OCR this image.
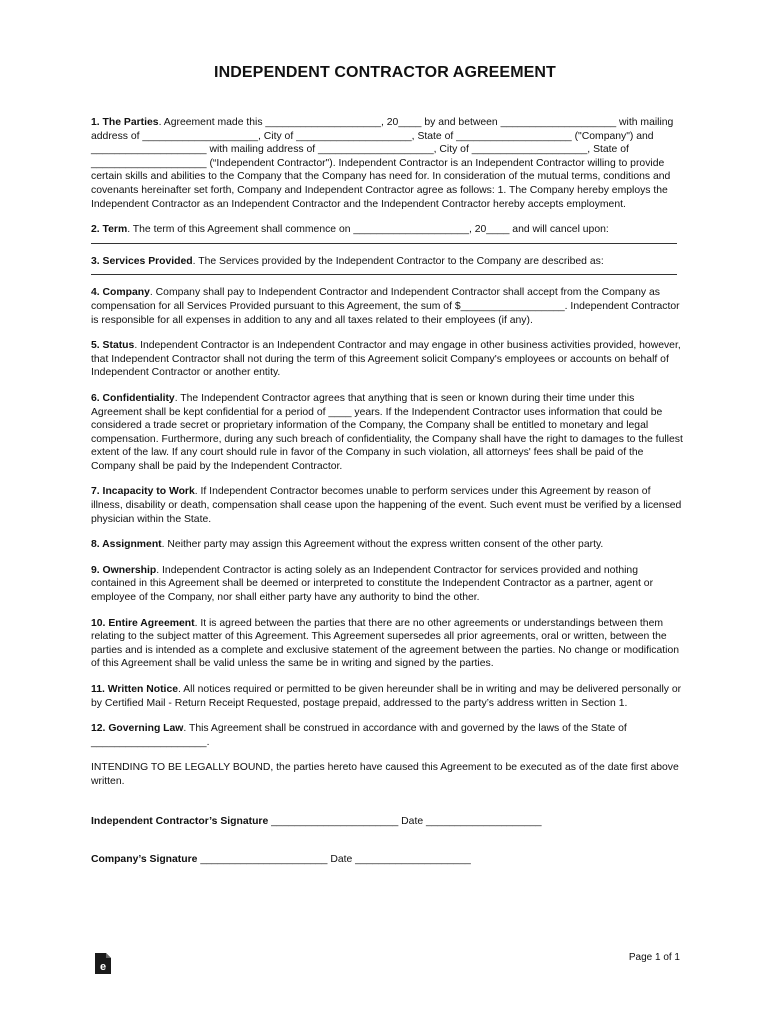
INDEPENDENT CONTRACTOR AGREEMENT

1. The Parties. Agreement made this ____________________, 20____ by and between ____________________ with mailing address of ____________________, City of ____________________, State of ____________________ ("Company") and ____________________ with mailing address of ____________________, City of ____________________, State of ____________________ (“Independent Contractor"). Independent Contractor is an Independent Contractor willing to provide certain skills and abilities to the Company that the Company has need for. In consideration of the mutual terms, conditions and covenants hereinafter set forth, Company and Independent Contractor agree as follows: 1. The Company hereby employs the Independent Contractor as an Independent Contractor and the Independent Contractor hereby accepts employment.

2. Term. The term of this Agreement shall commence on ____________________, 20____ and will cancel upon:

3. Services Provided. The Services provided by the Independent Contractor to the Company are described as:

4. Company. Company shall pay to Independent Contractor and Independent Contractor shall accept from the Company as compensation for all Services Provided pursuant to this Agreement, the sum of $__________________. Independent Contractor is responsible for all expenses in addition to any and all taxes related to their employees (if any).

5. Status. Independent Contractor is an Independent Contractor and may engage in other business activities provided, however, that Independent Contractor shall not during the term of this Agreement solicit Company's employees or accounts on behalf of Independent Contractor or another entity.

6. Confidentiality. The Independent Contractor agrees that anything that is seen or known during their time under this Agreement shall be kept confidential for a period of ____ years. If the Independent Contractor uses information that could be considered a trade secret or proprietary information of the Company, the Company shall be entitled to monetary and legal compensation. Furthermore, during any such breach of confidentiality, the Company shall have the right to damages to the fullest extent of the law. If any court should rule in favor of the Company in such violation, all attorneys' fees shall be paid of the Company shall be paid by the Independent Contractor.

7. Incapacity to Work. If Independent Contractor becomes unable to perform services under this Agreement by reason of illness, disability or death, compensation shall cease upon the happening of the event. Such event must be verified by a licensed physician within the State.

8. Assignment. Neither party may assign this Agreement without the express written consent of the other party.

9. Ownership. Independent Contractor is acting solely as an Independent Contractor for services provided and nothing contained in this Agreement shall be deemed or interpreted to constitute the Independent Contractor as a partner, agent or employee of the Company, nor shall either party have any authority to bind the other.

10. Entire Agreement. It is agreed between the parties that there are no other agreements or understandings between them relating to the subject matter of this Agreement. This Agreement supersedes all prior agreements, oral or written, between the parties and is intended as a complete and exclusive statement of the agreement between the parties. No change or modification of this Agreement shall be valid unless the same be in writing and signed by the parties.

11. Written Notice. All notices required or permitted to be given hereunder shall be in writing and may be delivered personally or by Certified Mail - Return Receipt Requested, postage prepaid, addressed to the party’s address written in Section 1.

12. Governing Law. This Agreement shall be construed in accordance with and governed by the laws of the State of ____________________.

INTENDING TO BE LEGALLY BOUND, the parties hereto have caused this Agreement to be executed as of the date first above written.

Independent Contractor’s Signature ______________________ Date ____________________

Company’s Signature ______________________ Date ____________________

e
Page 1 of 1
